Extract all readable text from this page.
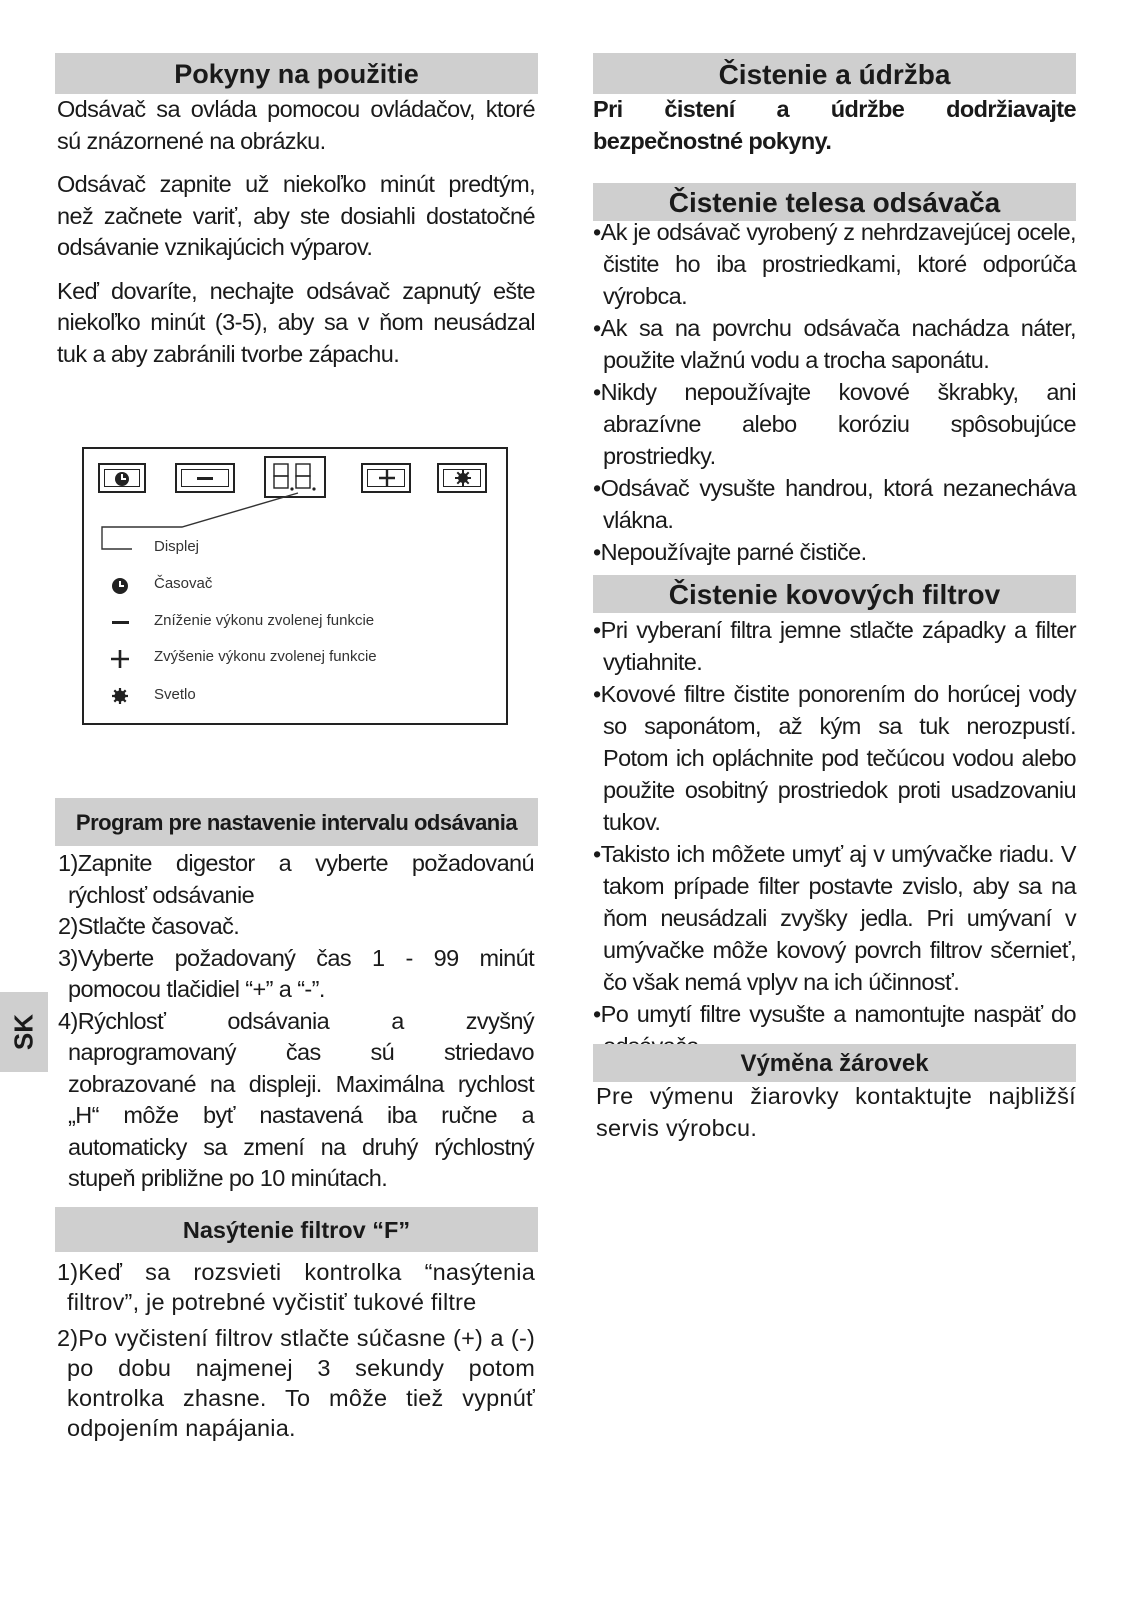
Pokyny na použitie

Odsávač sa ovláda pomocou ovládačov, ktoré sú znázornené na obrázku.

Odsávač zapnite už niekoľko minút predtým, než začnete variť, aby ste dosiahli dostatočné odsávanie vznikajúcich výparov.

Keď dovaríte, nechajte odsávač zapnutý ešte niekoľko minút (3-5), aby sa v ňom neusádzal tuk a aby zabránili tvorbe zápachu.

Displej
Časovač
Zníženie výkonu zvolenej funkcie
Zvýšenie výkonu zvolenej funkcie
Svetlo
Program pre nastavenie intervalu odsávania

1)Zapnite digestor a vyberte požadovanú rýchlosť odsávanie

2)Stlačte časovač.

3)Vyberte požadovaný čas 1 - 99 minút pomocou tlačidiel “+” a “-”.

4)Rýchlosť odsávania a zvyšný naprogramovaný čas sú striedavo zobrazované na displeji. Maximálna rychlost „H“ môže byť nastavená iba ručne a automaticky sa zmení na druhý rýchlostný stupeň približne po 10 minútach.

SK
Nasýtenie filtrov “F”

1)Keď sa rozsvieti kontrolka “nasýtenia filtrov”, je potrebné vyčistiť tukové filtre

2)Po vyčistení filtrov stlačte súčasne (+) a (-) po dobu najmenej 3 sekundy potom kontrolka zhasne. To môže tiež vypnúť odpojením napájania.

Čistenie a údržba

Pri čistení a údržbe dodržiavajte bezpečnostné pokyny.

Čistenie telesa odsávača

•Ak je odsávač vyrobený z nehrdzavejúcej ocele, čistite ho iba prostriedkami, ktoré odporúča výrobca.

•Ak sa na povrchu odsávača nachádza náter, použite vlažnú vodu a trocha saponátu.

•Nikdy nepoužívajte kovové škrabky, ani abrazívne alebo koróziu spôsobujúce prostriedky.

•Odsávač vysušte handrou, ktorá nezanecháva vlákna.

•Nepoužívajte parné čističe.

Čistenie kovových filtrov

•Pri vyberaní filtra jemne stlačte západky a filter vytiahnite.

•Kovové filtre čistite ponorením do horúcej vody so saponátom, až kým sa tuk nerozpustí. Potom ich opláchnite pod tečúcou vodou alebo použite osobitný prostriedok proti usadzovaniu tukov.

•Takisto ich môžete umyť aj v umývačke riadu. V takom prípade filter postavte zvislo, aby sa na ňom neusádzali zvyšky jedla. Pri umývaní v umývačke môže kovový povrch filtrov sčernieť, čo však nemá vplyv na ich účinnosť.

•Po umytí filtre vysušte a namontujte naspäť do

Výměna žárovek

Pre výmenu žiarovky kontaktujte najbližší servis výrobcu.
